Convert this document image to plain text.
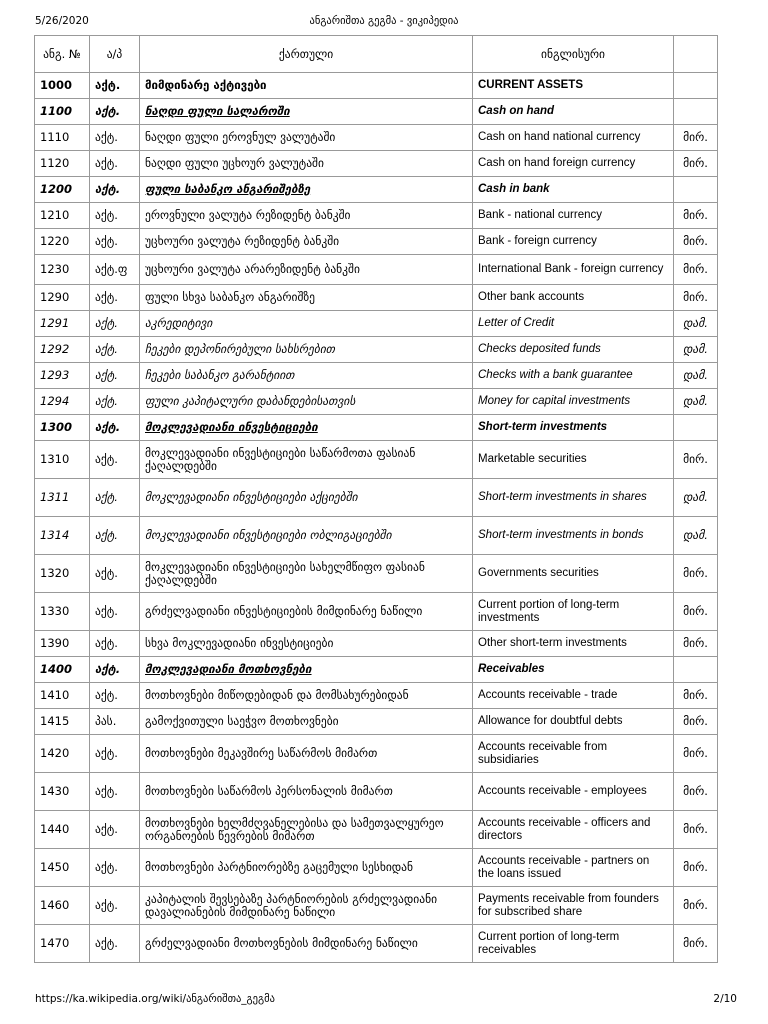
5/26/2020	ანგარიშთა გეგმა - ვიკიპედია
ანგ. №	ა/პ	ქართული	ინგლისური	
1000	აქტ.	მიმდინარე აქტივები	CURRENT ASSETS	
1100	აქტ.	ნაღდი ფული სალაროში	Cash on hand	
1110	აქტ.	ნაღდი ფული ეროვნულ ვალუტაში	Cash on hand national currency	მირ.
1120	აქტ.	ნაღდი ფული უცხოურ ვალუტაში	Cash on hand foreign currency	მირ.
1200	აქტ.	ფული საბანკო ანგარიშებზე	Cash in bank	
1210	აქტ.	ეროვნული ვალუტა რეზიდენტ ბანკში	Bank - national currency	მირ.
1220	აქტ.	უცხოური ვალუტა რეზიდენტ ბანკში	Bank - foreign currency	მირ.
1230	აქტ.ფ	უცხოური ვალუტა არარეზიდენტ ბანკში	International Bank - foreign currency	მირ.
1290	აქტ.	ფული სხვა საბანკო ანგარიშზე	Other bank accounts	მირ.
1291	აქტ.	აკრედიტივი	Letter of Credit	დამ.
1292	აქტ.	ჩეკები დეპონირებული სახსრებით	Checks deposited funds	დამ.
1293	აქტ.	ჩეკები საბანკო გარანტიით	Checks with a bank guarantee	დამ.
1294	აქტ.	ფული კაპიტალური დაბანდებისათვის	Money for capital investments	დამ.
1300	აქტ.	მოკლევადიანი ინვესტიციები	Short-term investments	
1310	აქტ.	მოკლევადიანი ინვესტიციები საწარმოთა ფასიან ქაღალდებში	Marketable securities	მირ.
1311	აქტ.	მოკლევადიანი ინვესტიციები აქციებში	Short-term investments in shares	დამ.
1314	აქტ.	მოკლევადიანი ინვესტიციები ობლიგაციებში	Short-term investments in bonds	დამ.
1320	აქტ.	მოკლევადიანი ინვესტიციები სახელმწიფო ფასიან ქაღალდებში	Governments securities	მირ.
1330	აქტ.	გრძელვადიანი ინვესტიციების მიმდინარე ნაწილი	Current portion of long-term investments	მირ.
1390	აქტ.	სხვა მოკლევადიანი ინვესტიციები	Other short-term investments	მირ.
1400	აქტ.	მოკლევადიანი მოთხოვნები	Receivables	
1410	აქტ.	მოთხოვნები მიწოდებიდან და მომსახურებიდან	Accounts receivable - trade	მირ.
1415	პას.	გამოქვითული საეჭვო მოთხოვნები	Allowance for doubtful debts	მირ.
1420	აქტ.	მოთხოვნები მეკავშირე საწარმოს მიმართ	Accounts receivable from subsidiaries	მირ.
1430	აქტ.	მოთხოვნები საწარმოს პერსონალის მიმართ	Accounts receivable - employees	მირ.
1440	აქტ.	მოთხოვნები ხელმძღვანელებისა და სამეთვალყურეო ორგანოების წევრების მიმართ	Accounts receivable - officers and directors	მირ.
1450	აქტ.	მოთხოვნები პარტნიორებზე გაცემული სესხიდან	Accounts receivable - partners on the loans issued	მირ.
1460	აქტ.	კაპიტალის შევსებაზე პარტნიორების გრძელვადიანი დავალიანების მიმდინარე ნაწილი	Payments receivable from founders for subscribed share	მირ.
1470	აქტ.	გრძელვადიანი მოთხოვნების მიმდინარე ნაწილი	Current portion of long-term receivables	მირ.
https://ka.wikipedia.org/wiki/ანგარიშთა_გეგმა	2/10
